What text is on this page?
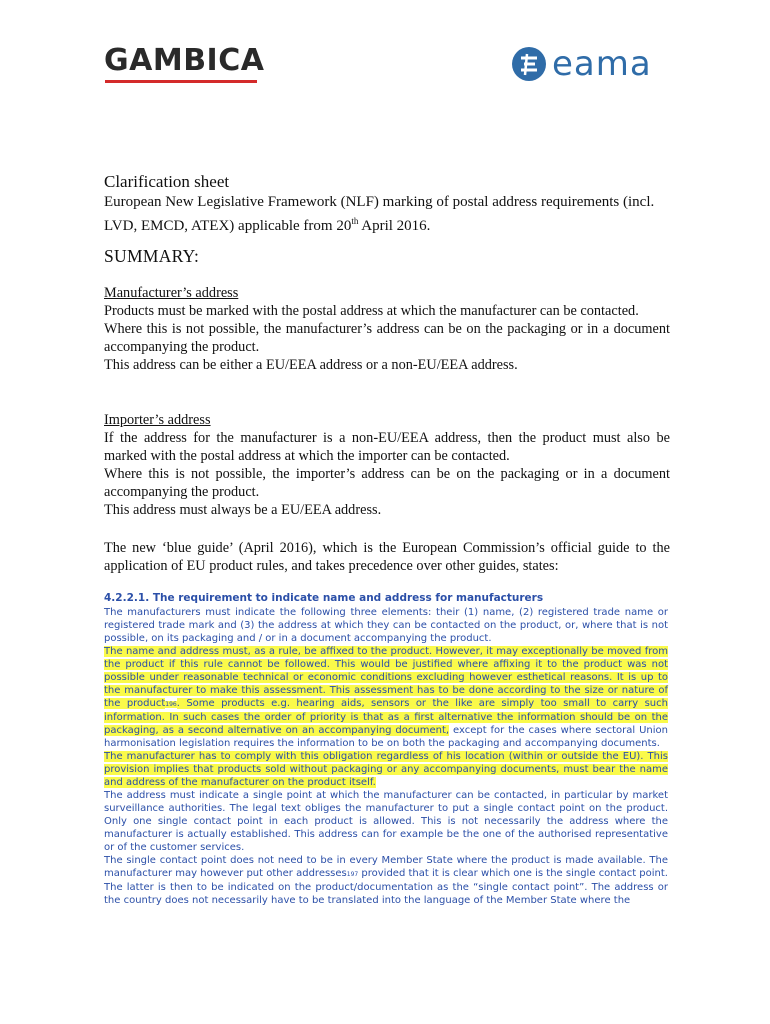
GAMBICA	eama
Clarification sheet
European New Legislative Framework (NLF) marking of postal address requirements (incl. LVD, EMCD, ATEX) applicable from 20th April 2016.
SUMMARY:
Manufacturer’s address

Products must be marked with the postal address at which the manufacturer can be contacted.

Where this is not possible, the manufacturer’s address can be on the packaging or in a document accompanying the product.

This address can be either a EU/EEA address or a non-EU/EEA address.

Importer’s address

If the address for the manufacturer is a non-EU/EEA address, then the product must also be marked with the postal address at which the importer can be contacted.

Where this is not possible, the importer’s address can be on the packaging or in a document accompanying the product.

This address must always be a EU/EEA address.

The new ‘blue guide’ (April 2016), which is the European Commission’s official guide to the application of EU product rules, and takes precedence over other guides, states:
4.2.2.1. The requirement to indicate name and address for manufacturers

The manufacturers must indicate the following three elements: their (1) name, (2) registered trade name or registered trade mark and (3) the address at which they can be contacted on the product, or, where that is not possible, on its packaging and / or in a document accompanying the product.

The name and address must, as a rule, be affixed to the product. However, it may exceptionally be moved from the product if this rule cannot be followed. This would be justified where affixing it to the product was not possible under reasonable technical or economic conditions excluding however esthetical reasons. It is up to the manufacturer to make this assessment. This assessment has to be done according to the size or nature of the product196. Some products e.g. hearing aids, sensors or the like are simply too small to carry such information. In such cases the order of priority is that as a first alternative the information should be on the packaging, as a second alternative on an accompanying document, except for the cases where sectoral Union harmonisation legislation requires the information to be on both the packaging and accompanying documents.

The manufacturer has to comply with this obligation regardless of his location (within or outside the EU). This provision implies that products sold without packaging or any accompanying documents, must bear the name and address of the manufacturer on the product itself.

The address must indicate a single point at which the manufacturer can be contacted, in particular by market surveillance authorities. The legal text obliges the manufacturer to put a single contact point on the product. Only one single contact point in each product is allowed. This is not necessarily the address where the manufacturer is actually established. This address can for example be the one of the authorised representative or of the customer services.

The single contact point does not need to be in every Member State where the product is made available. The manufacturer may however put other addresses197 provided that it is clear which one is the single contact point. The latter is then to be indicated on the product/documentation as the “single contact point”. The address or the country does not necessarily have to be translated into the language of the Member State where the
